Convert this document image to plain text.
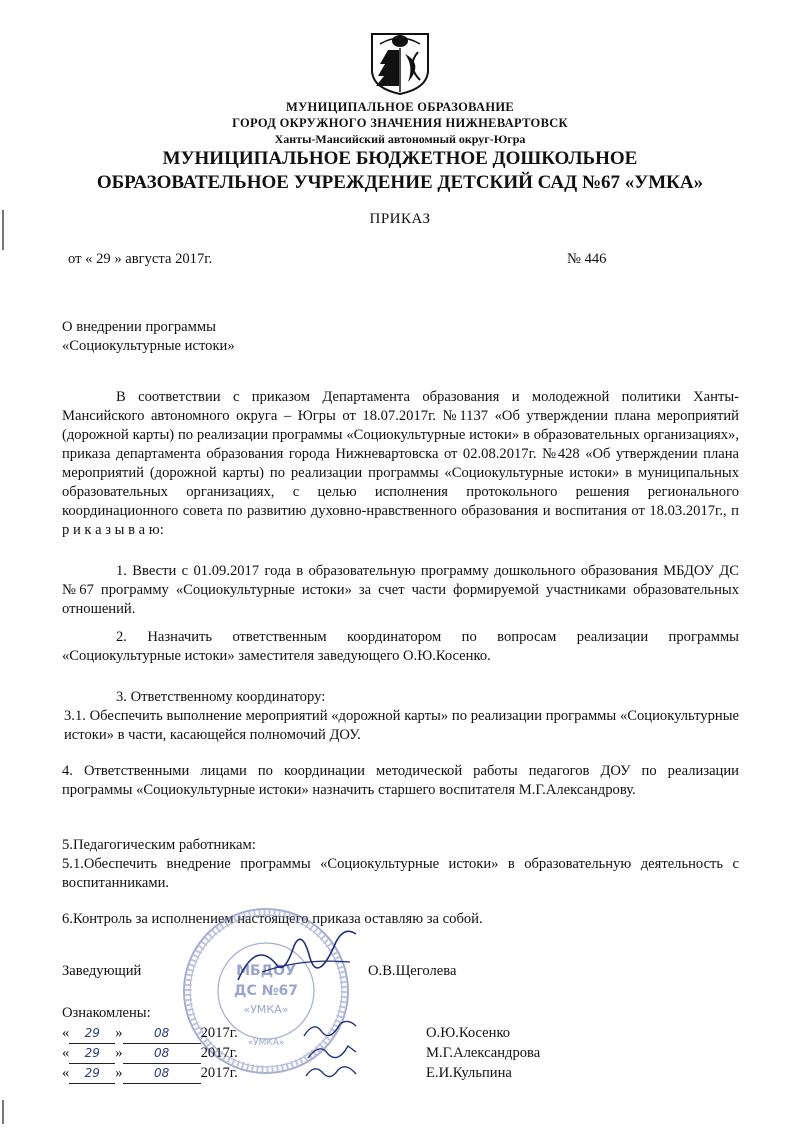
МУНИЦИПАЛЬНОЕ ОБРАЗОВАНИЕ
ГОРОД ОКРУЖНОГО ЗНАЧЕНИЯ НИЖНЕВАРТОВСК
Ханты-Мансийский автономный округ-Югра
МУНИЦИПАЛЬНОЕ БЮДЖЕТНОЕ ДОШКОЛЬНОЕ
ОБРАЗОВАТЕЛЬНОЕ УЧРЕЖДЕНИЕ ДЕТСКИЙ САД №67 «УМКА»
ПРИКАЗ
от « 29 » августа 2017г.	№ 446
О внедрении программы
«Социокультурные истоки»
В соответствии с приказом Департамента образования и молодежной политики Ханты-Мансийского автономного округа – Югры от 18.07.2017г. №1137 «Об утверждении плана мероприятий (дорожной карты) по реализации программы «Социокультурные истоки» в образовательных организациях», приказа департамента образования города Нижневартовска от 02.08.2017г. №428 «Об утверждении плана мероприятий (дорожной карты) по реализации программы «Социокультурные истоки» в муниципальных образовательных организациях, с целью исполнения протокольного решения регионального координационного совета по развитию духовно-нравственного образования и воспитания от 18.03.2017г., п р и к а з ы в а ю:
1. Ввести с 01.09.2017 года в образовательную программу дошкольного образования МБДОУ ДС №67 программу «Социокультурные истоки» за счет части формируемой участниками образовательных отношений.
2. Назначить ответственным координатором по вопросам реализации программы «Социокультурные истоки» заместителя заведующего О.Ю.Косенко.
3. Ответственному координатору:
3.1. Обеспечить выполнение мероприятий «дорожной карты» по реализации программы «Социокультурные истоки» в части, касающейся полномочий ДОУ.
4. Ответственными лицами по координации методической работы педагогов ДОУ по реализации программы «Социокультурные истоки» назначить старшего воспитателя М.Г.Александрову.
5.Педагогическим работникам:
5.1.Обеспечить внедрение программы «Социокультурные истоки» в образовательную деятельность с воспитанниками.
6.Контроль за исполнением настоящего приказа оставляю за собой.
МБДОУ
ДС №67
«УМКА»
«УМКА»
Заведующий	О.В.Щеголева
Ознакомлены:
« 29 »	08 2017г.	О.Ю.Косенко
« 29 »	08 2017г.	М.Г.Александрова
« 29 »	08 2017г.	Е.И.Кульпина
